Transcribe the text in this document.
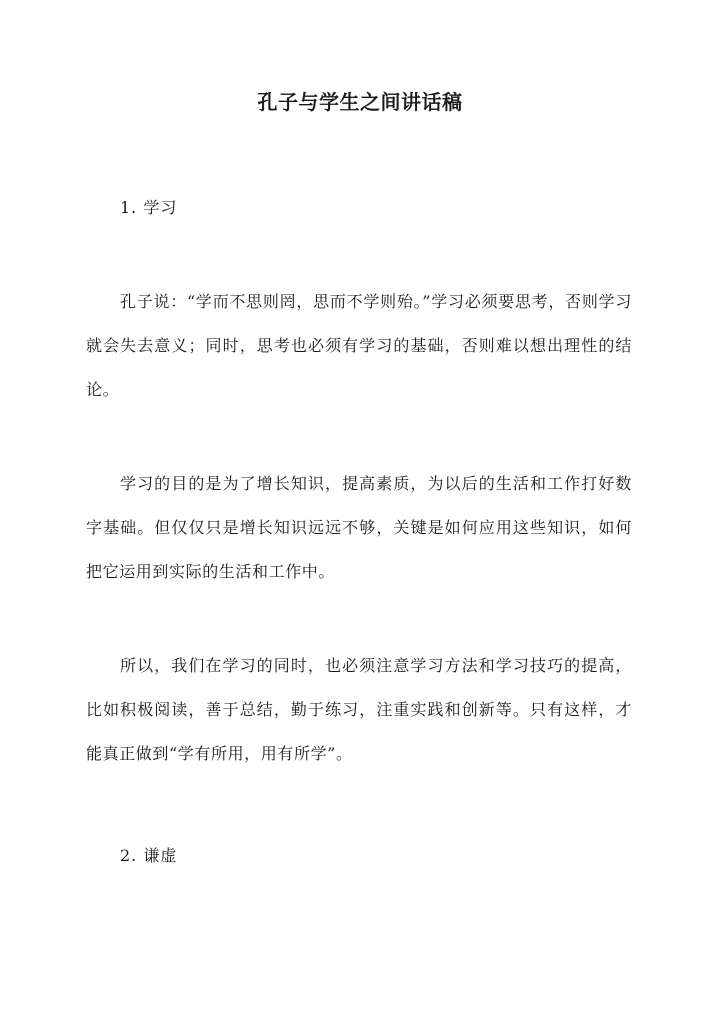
孔子与学生之间讲话稿
1. 学习

孔子说：“学而不思则罔，思而不学则殆。”学习必须要思考，否则学习就会失去意义；同时，思考也必须有学习的基础，否则难以想出理性的结论。

学习的目的是为了增长知识，提高素质，为以后的生活和工作打好数字基础。但仅仅只是增长知识远远不够，关键是如何应用这些知识，如何把它运用到实际的生活和工作中。

所以，我们在学习的同时，也必须注意学习方法和学习技巧的提高，比如积极阅读，善于总结，勤于练习，注重实践和创新等。只有这样，才能真正做到“学有所用，用有所学”。

2. 谦虚
